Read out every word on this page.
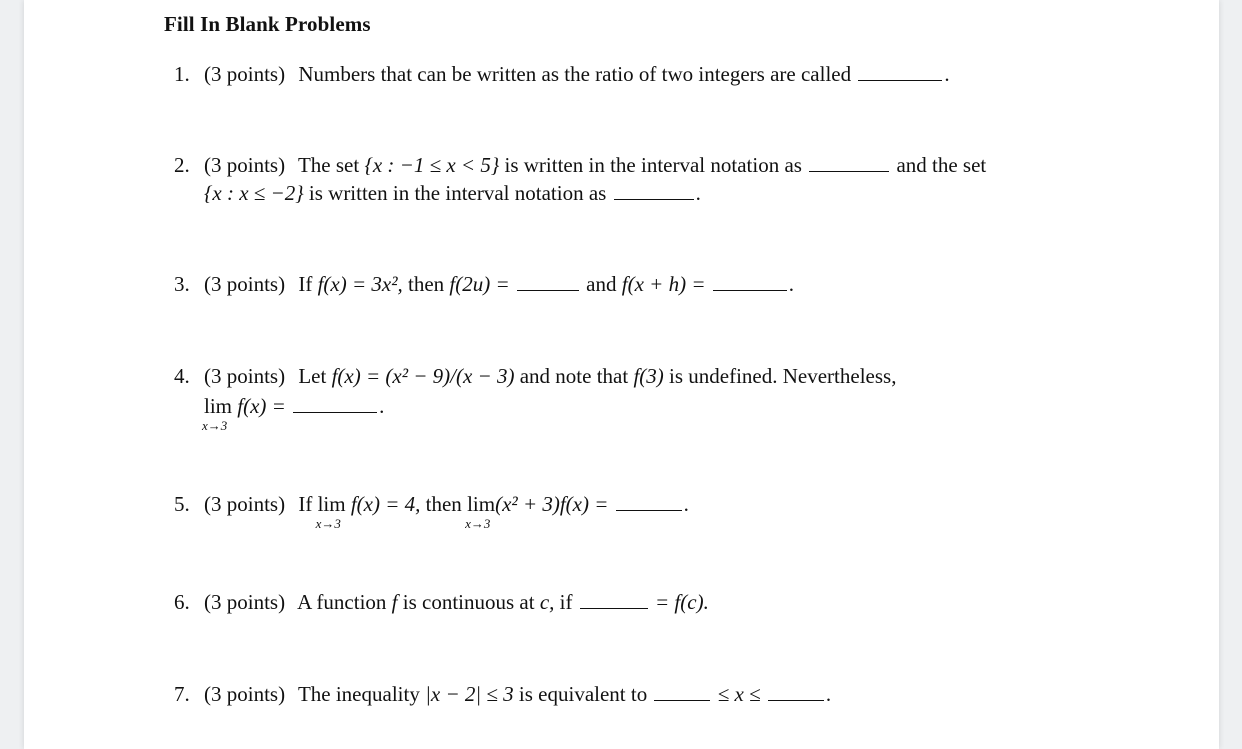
Fill In Blank Problems
1. (3 points) Numbers that can be written as the ratio of two integers are called	.
2. (3 points) The set {x : −1 ≤ x < 5} is written in the interval notation as	and the set
{x : x ≤ −2} is written in the interval notation as	.
3. (3 points) If f(x) = 3x², then f(2u) =	and f(x + h) =	.
4. (3 points) Let f(x) = (x² − 9)/(x − 3) and note that f(3) is undefined. Nevertheless,
lim
x→3
f(x) =	.
5. (3 points) If lim
x→3
f(x) = 4, then lim
x→3
(x² + 3)f(x) =	.
6. (3 points) A function f is continuous at c, if	= f(c).
7. (3 points) The inequality |x − 2| ≤ 3 is equivalent to	≤ x ≤	.
